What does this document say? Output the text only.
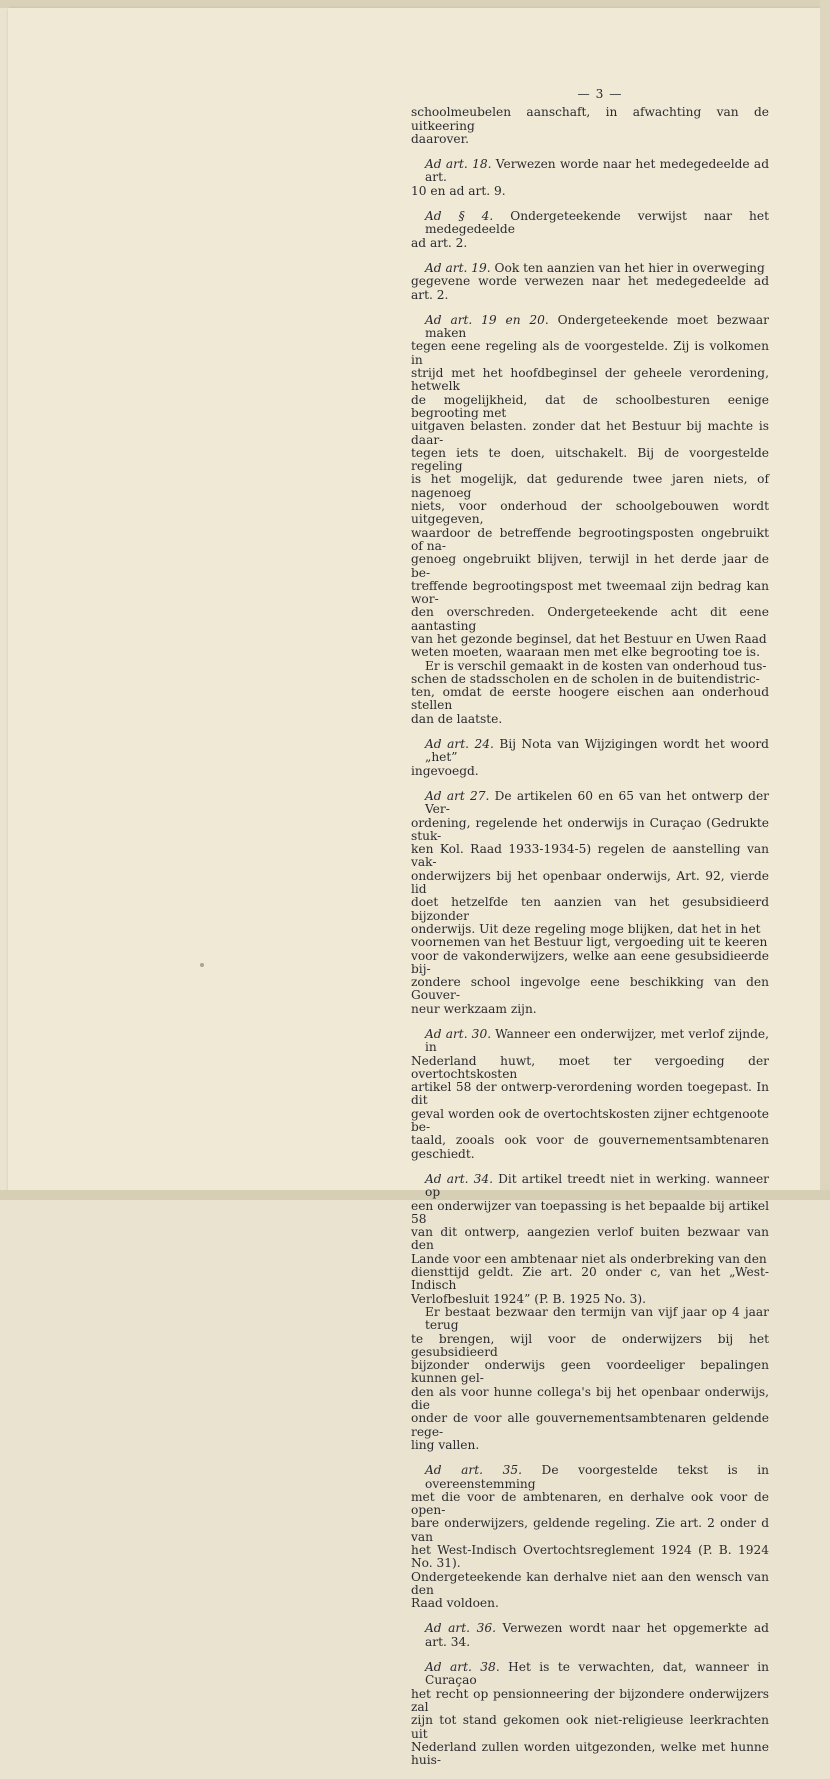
— 3 —
schoolmeubelen aanschaft, in afwachting van de uitkeering
daarover.
Ad art. 18. Verwezen worde naar het medegedeelde ad art.
10 en ad art. 9.
Ad § 4. Ondergeteekende verwijst naar het medegedeelde
ad art. 2.
Ad art. 19. Ook ten aanzien van het hier in overweging
gegevene worde verwezen naar het medegedeelde ad art. 2.
Ad art. 19 en 20. Ondergeteekende moet bezwaar maken
tegen eene regeling als de voorgestelde. Zij is volkomen in
strijd met het hoofdbeginsel der geheele verordening, hetwelk
de mogelijkheid, dat de schoolbesturen eenige begrooting met
uitgaven belasten. zonder dat het Bestuur bij machte is daar-
tegen iets te doen, uitschakelt. Bij de voorgestelde regeling
is het mogelijk, dat gedurende twee jaren niets, of nagenoeg
niets, voor onderhoud der schoolgebouwen wordt uitgegeven,
waardoor de betreffende begrootingsposten ongebruikt of na-
genoeg ongebruikt blijven, terwijl in het derde jaar de be-
treffende begrootingspost met tweemaal zijn bedrag kan wor-
den overschreden. Ondergeteekende acht dit eene aantasting
van het gezonde beginsel, dat het Bestuur en Uwen Raad
weten moeten, waaraan men met elke begrooting toe is.
Er is verschil gemaakt in de kosten van onderhoud tus-
schen de stadsscholen en de scholen in de buitendistric-
ten, omdat de eerste hoogere eischen aan onderhoud stellen
dan de laatste.
Ad art. 24. Bij Nota van Wijzigingen wordt het woord „het”
ingevoegd.
Ad art 27. De artikelen 60 en 65 van het ontwerp der Ver-
ordening, regelende het onderwijs in Curaçao (Gedrukte stuk-
ken Kol. Raad 1933-1934-5) regelen de aanstelling van vak-
onderwijzers bij het openbaar onderwijs, Art. 92, vierde lid
doet hetzelfde ten aanzien van het gesubsidieerd bijzonder
onderwijs. Uit deze regeling moge blijken, dat het in het
voornemen van het Bestuur ligt, vergoeding uit te keeren
voor de vakonderwijzers, welke aan eene gesubsidieerde bij-
zondere school ingevolge eene beschikking van den Gouver-
neur werkzaam zijn.
Ad art. 30. Wanneer een onderwijzer, met verlof zijnde, in
Nederland huwt, moet ter vergoeding der overtochtskosten
artikel 58 der ontwerp-verordening worden toegepast. In dit
geval worden ook de overtochtskosten zijner echtgenoote be-
taald, zooals ook voor de gouvernementsambtenaren geschiedt.
Ad art. 34. Dit artikel treedt niet in werking. wanneer op
een onderwijzer van toepassing is het bepaalde bij artikel 58
van dit ontwerp, aangezien verlof buiten bezwaar van den
Lande voor een ambtenaar niet als onderbreking van den
diensttijd geldt. Zie art. 20 onder c, van het „West-Indisch
Verlofbesluit 1924” (P. B. 1925 No. 3).
Er bestaat bezwaar den termijn van vijf jaar op 4 jaar terug
te brengen, wijl voor de onderwijzers bij het gesubsidieerd
bijzonder onderwijs geen voordeeliger bepalingen kunnen gel-
den als voor hunne collega's bij het openbaar onderwijs, die
onder de voor alle gouvernementsambtenaren geldende rege-
ling vallen.
Ad art. 35. De voorgestelde tekst is in overeenstemming
met die voor de ambtenaren, en derhalve ook voor de open-
bare onderwijzers, geldende regeling. Zie art. 2 onder d van
het West-Indisch Overtochtsreglement 1924 (P. B. 1924 No. 31).
Ondergeteekende kan derhalve niet aan den wensch van den
Raad voldoen.
Ad art. 36. Verwezen wordt naar het opgemerkte ad art. 34.
Ad art. 38. Het is te verwachten, dat, wanneer in Curaçao
het recht op pensionneering der bijzondere onderwijzers zal
zijn tot stand gekomen ook niet-religieuse leerkrachten uit
Nederland zullen worden uitgezonden, welke met hunne huis-
